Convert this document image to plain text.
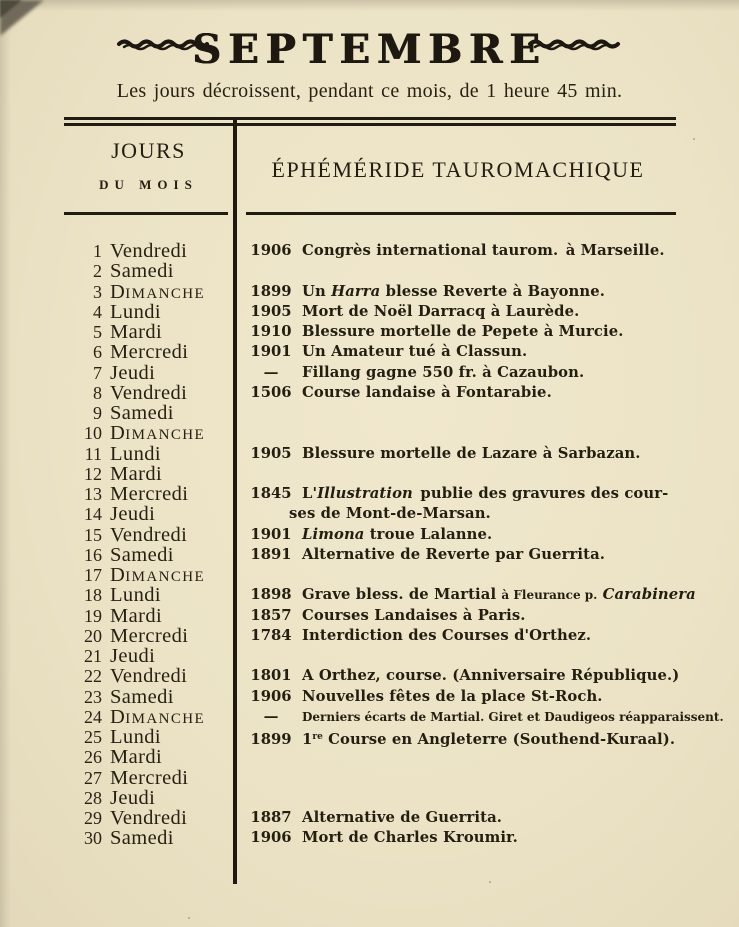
SEPTEMBRE
Les jours décroissent, pendant ce mois, de 1 heure 45 min.
JOURS
DU MOIS
ÉPHÉMÉRIDE TAUROMACHIQUE
1 Vendredi	1906 Congrès international taurom. à Marseille.
2 Samedi
3 DIMANCHE	1899 Un Harra blesse Reverte à Bayonne.
4 Lundi	1905 Mort de Noël Darracq à Laurède.
5 Mardi	1910 Blessure mortelle de Pepete à Murcie.
6 Mercredi	1901 Un Amateur tué à Classun.
7 Jeudi	— Fillang gagne 550 fr. à Cazaubon.
8 Vendredi	1506 Course landaise à Fontarabie.
9 Samedi
10 DIMANCHE
11 Lundi	1905 Blessure mortelle de Lazare à Sarbazan.
12 Mardi
13 Mercredi	1845 L'Illustration publie des gravures des cour-
ses de Mont-de-Marsan.
14 Jeudi
15 Vendredi	1901 Limona troue Lalanne.
16 Samedi	1891 Alternative de Reverte par Guerrita.
17 DIMANCHE
18 Lundi	1898 Grave bless. de Martial à Fleurance p. Carabinera
19 Mardi	1857 Courses Landaises à Paris.
20 Mercredi	1784 Interdiction des Courses d'Orthez.
21 Jeudi
22 Vendredi	1801 A Orthez, course. (Anniversaire République.)
23 Samedi	1906 Nouvelles fêtes de la place St-Roch.
24 DIMANCHE	— Derniers écarts de Martial. Giret et Daudigeos réapparaissent.
25 Lundi	1899 1re Course en Angleterre (Southend-Kuraal).
26 Mardi
27 Mercredi
28 Jeudi
29 Vendredi	1887 Alternative de Guerrita.
30 Samedi	1906 Mort de Charles Kroumir.
